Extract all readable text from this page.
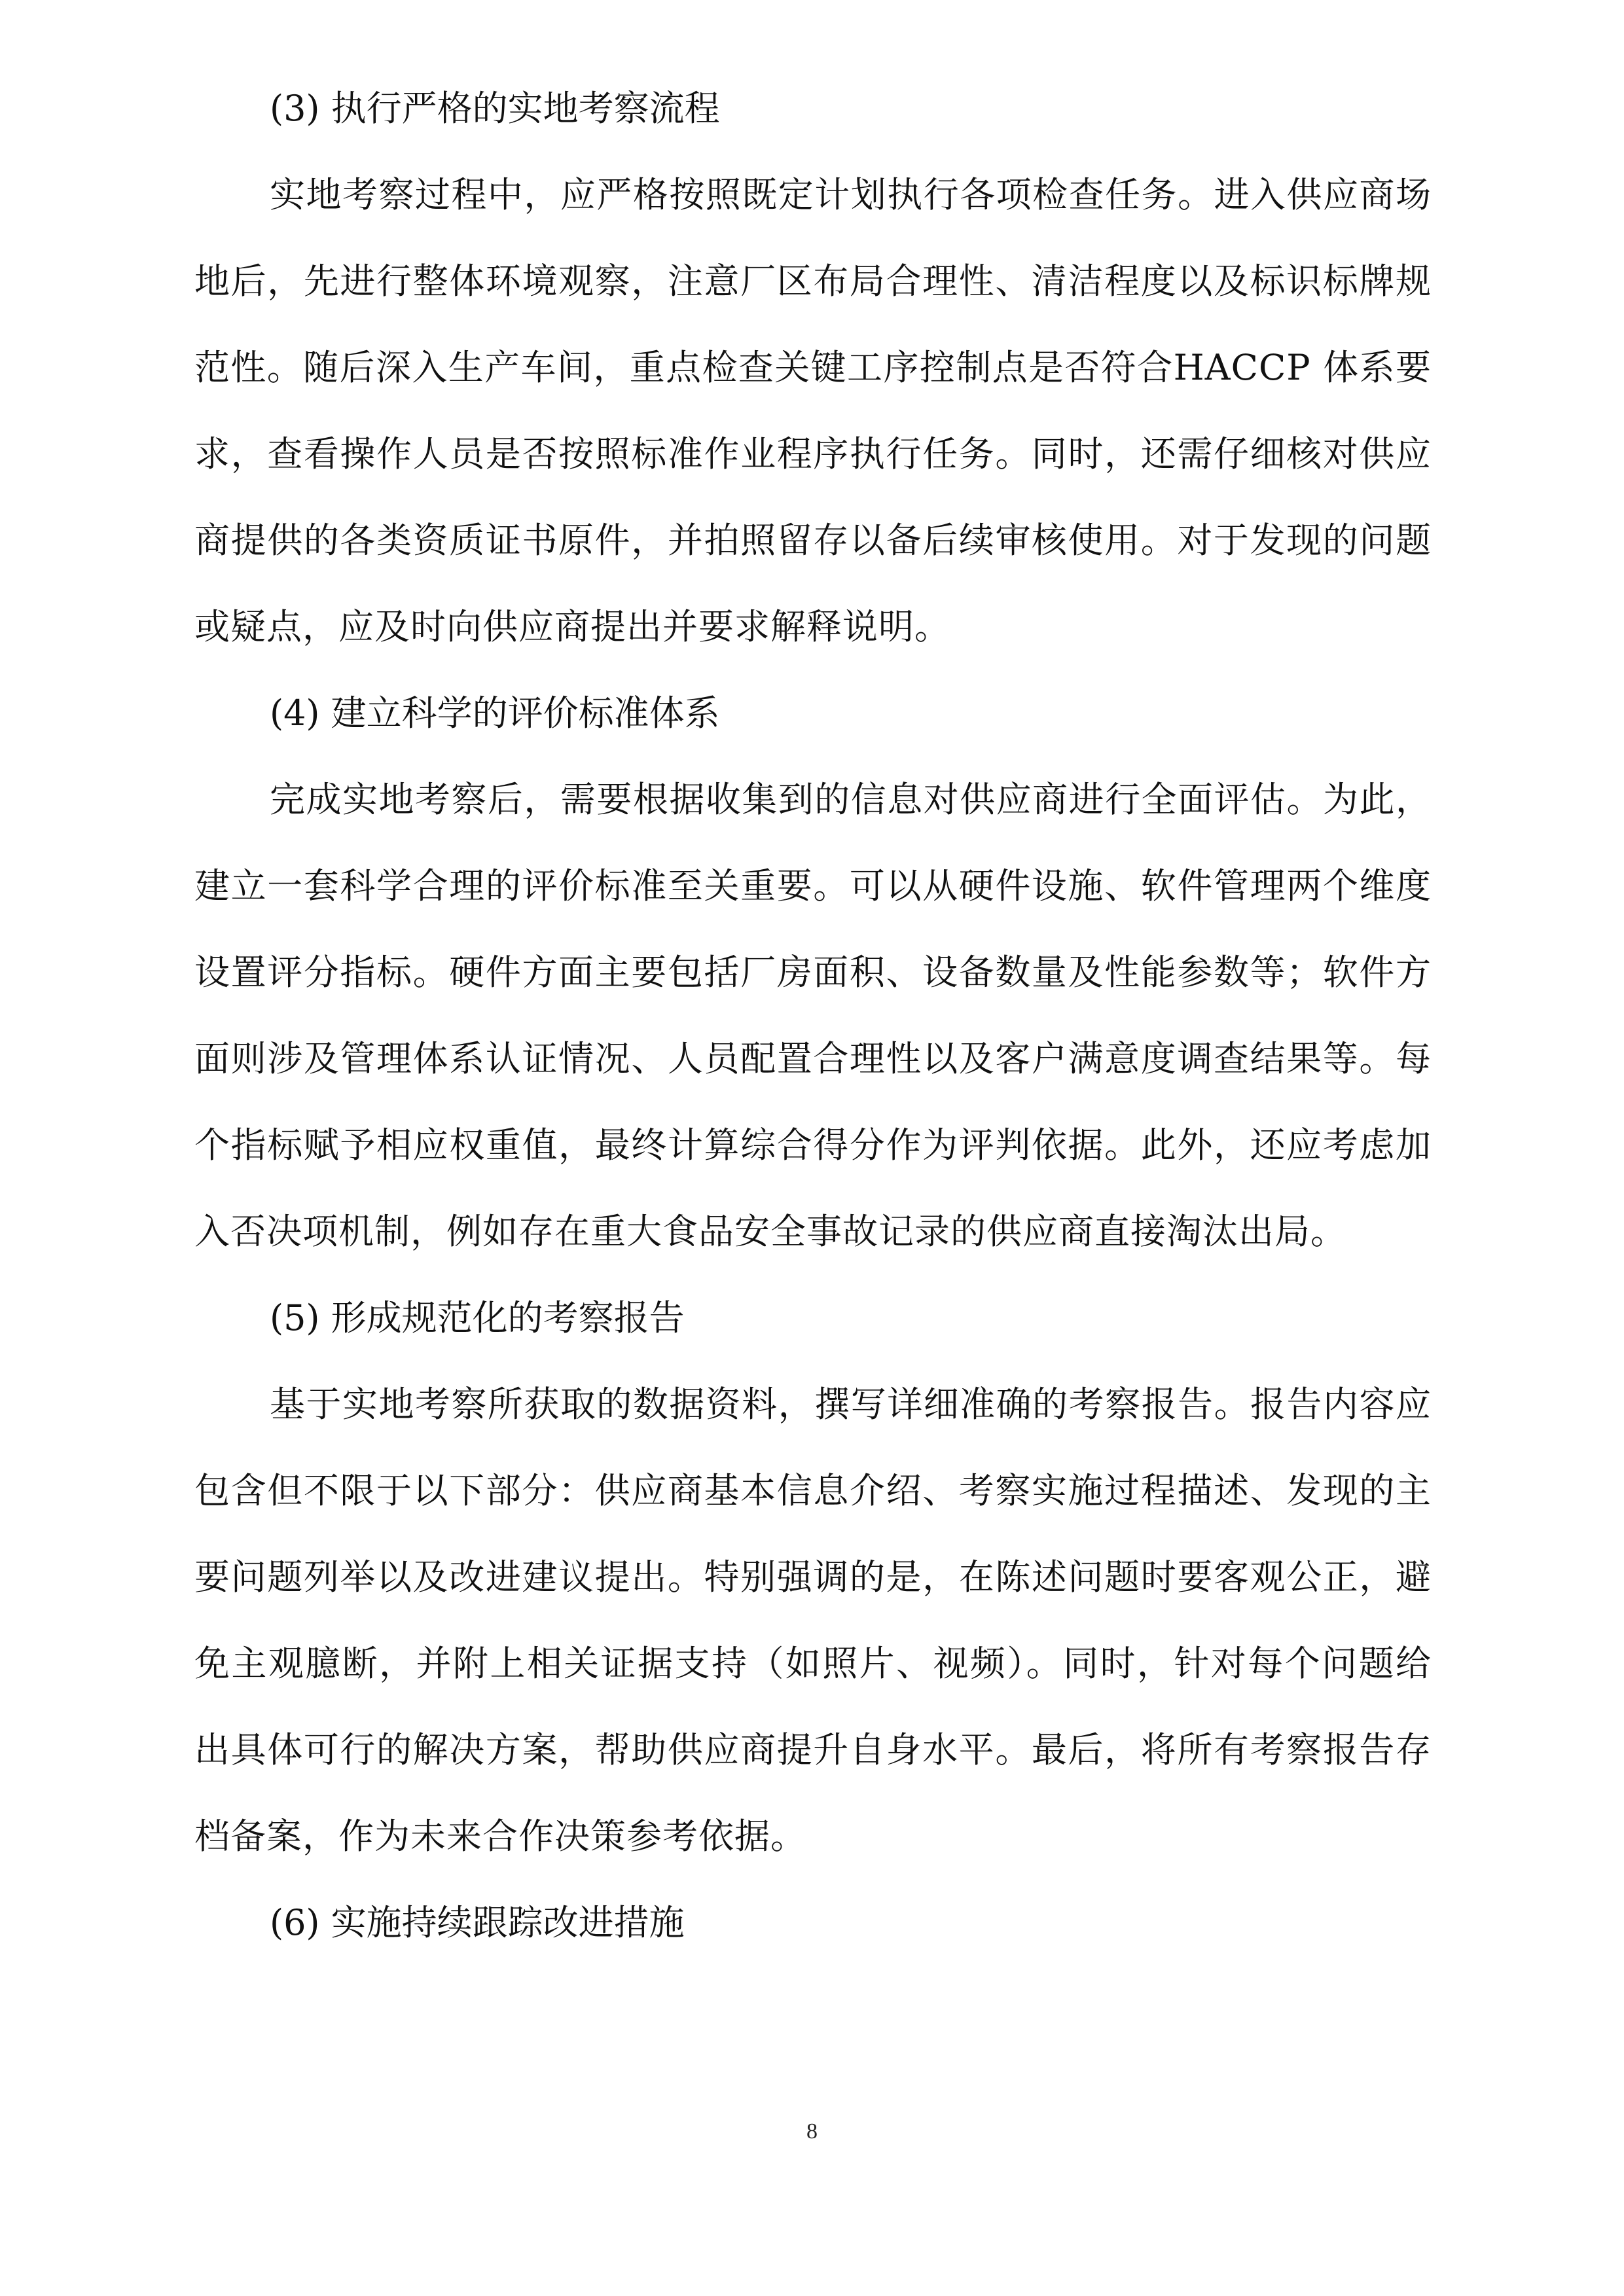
(3) 执行严格的实地考察流程

实地考察过程中，应严格按照既定计划执行各项检查任务。进入供应商场地后，先进行整体环境观察，注意厂区布局合理性、清洁程度以及标识标牌规范性。随后深入生产车间，重点检查关键工序控制点是否符合HACCP 体系要求，查看操作人员是否按照标准作业程序执行任务。同时，还需仔细核对供应商提供的各类资质证书原件，并拍照留存以备后续审核使用。对于发现的问题或疑点，应及时向供应商提出并要求解释说明。

(4) 建立科学的评价标准体系

完成实地考察后，需要根据收集到的信息对供应商进行全面评估。为此，建立一套科学合理的评价标准至关重要。可以从硬件设施、软件管理两个维度设置评分指标。硬件方面主要包括厂房面积、设备数量及性能参数等；软件方面则涉及管理体系认证情况、人员配置合理性以及客户满意度调查结果等。每个指标赋予相应权重值，最终计算综合得分作为评判依据。此外，还应考虑加入否决项机制，例如存在重大食品安全事故记录的供应商直接淘汰出局。

(5) 形成规范化的考察报告

基于实地考察所获取的数据资料，撰写详细准确的考察报告。报告内容应包含但不限于以下部分：供应商基本信息介绍、考察实施过程描述、发现的主要问题列举以及改进建议提出。特别强调的是，在陈述问题时要客观公正，避免主观臆断，并附上相关证据支持（如照片、视频）。同时，针对每个问题给出具体可行的解决方案，帮助供应商提升自身水平。最后，将所有考察报告存档备案，作为未来合作决策参考依据。

(6) 实施持续跟踪改进措施

8
